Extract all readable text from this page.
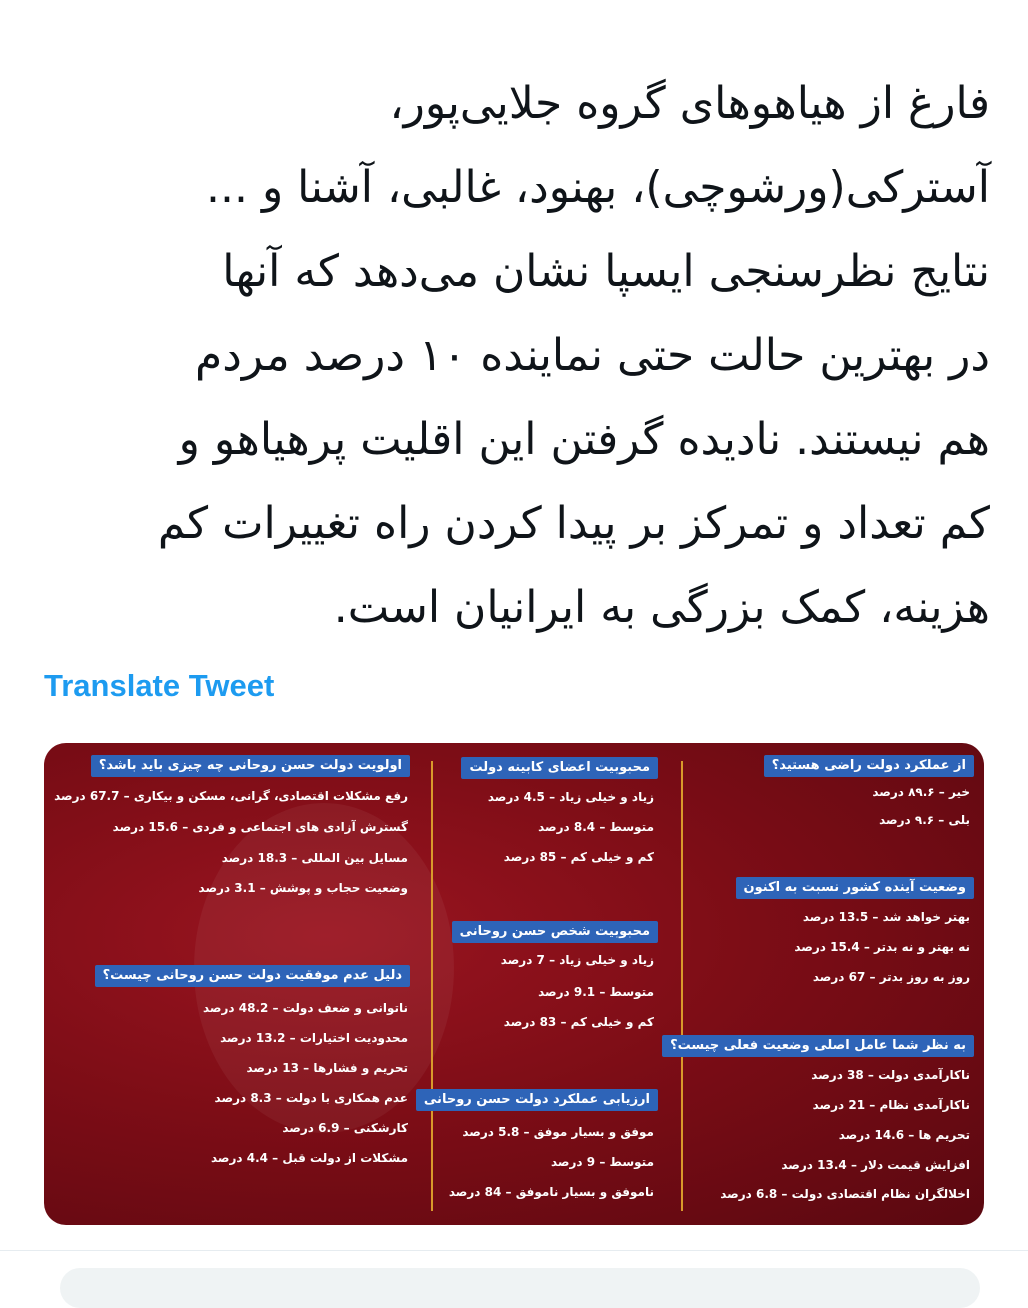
فارغ از هیاهوهای گروه جلایی‌پور،
آسترکی(ورشوچی)، بهنود، غالبی، آشنا و ...
نتایج نظرسنجی ایسپا نشان می‌دهد که آنها
در بهترین حالت حتی نماینده ۱۰ درصد مردم
هم نیستند. نادیده گرفتن این اقلیت پرهیاهو و
کم تعداد و تمرکز بر پیدا کردن راه تغییرات کم
هزینه، کمک بزرگی به ایرانیان است.
Translate Tweet
از عملکرد دولت راضی هستید؟
خیر – ۸۹.۶ درصد
بلی – ۹.۶ درصد
وضعیت آینده کشور نسبت به اکنون
بهتر خواهد شد – 13.5 درصد
نه بهتر و نه بدتر – 15.4 درصد
روز به روز بدتر – 67 درصد
به نظر شما عامل اصلی وضعیت فعلی چیست؟
ناکارآمدی دولت – 38 درصد
ناکارآمدی نظام – 21 درصد
تحریم ها – 14.6 درصد
افزایش قیمت دلار – 13.4 درصد
اخلالگران نظام اقتصادی دولت – 6.8 درصد
محبوبیت اعضای کابینه دولت
زیاد و خیلی زیاد – 4.5 درصد
متوسط – 8.4 درصد
کم و خیلی کم – 85 درصد
محبوبیت شخص حسن روحانی
زیاد و خیلی زیاد – 7 درصد
متوسط – 9.1 درصد
کم و خیلی کم – 83 درصد
ارزیابی عملکرد دولت حسن روحانی
موفق و بسیار موفق – 5.8 درصد
متوسط – 9 درصد
ناموفق و بسیار ناموفق – 84 درصد
اولویت دولت حسن روحانی چه چیزی باید باشد؟
رفع مشکلات اقتصادی، گرانی، مسکن و بیکاری – 67.7 درصد
گسترش آزادی های اجتماعی و فردی – 15.6 درصد
مسایل بین المللی – 18.3 درصد
وضعیت حجاب و پوشش – 3.1 درصد
دلیل عدم موفقیت دولت حسن روحانی چیست؟
ناتوانی و ضعف دولت – 48.2 درصد
محدودیت اختیارات – 13.2 درصد
تحریم و فشارها – 13 درصد
عدم همکاری با دولت – 8.3 درصد
کارشکنی – 6.9 درصد
مشکلات از دولت قبل – 4.4 درصد
